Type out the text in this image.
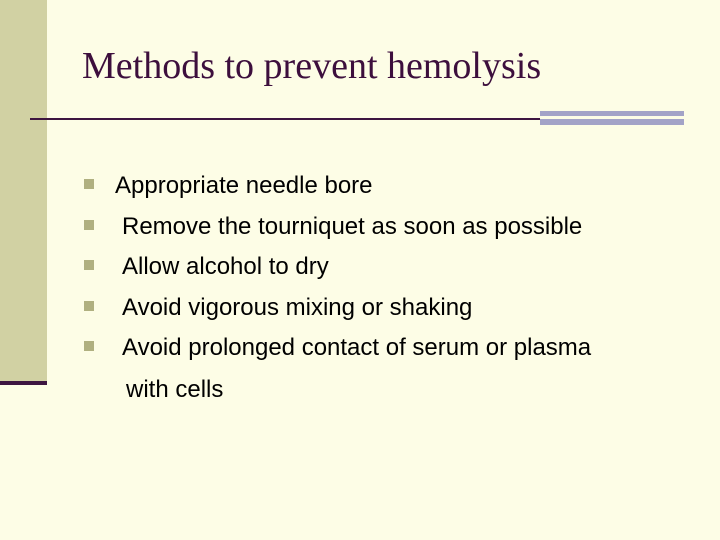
Methods to prevent hemolysis
Appropriate needle bore
Remove the tourniquet as soon as possible
Allow alcohol to dry
Avoid vigorous mixing or shaking
Avoid prolonged contact of serum or plasma
with cells
